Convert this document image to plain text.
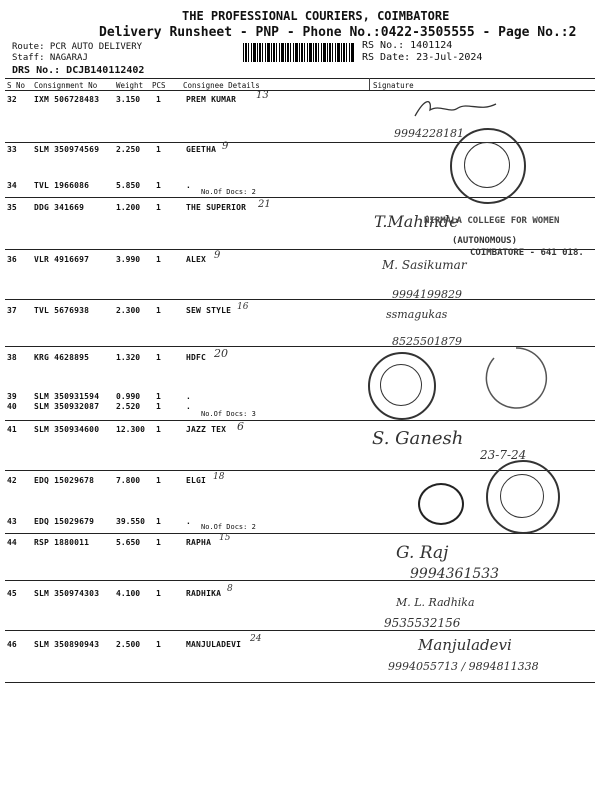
THE PROFESSIONAL COURIERS, COIMBATORE
Delivery Runsheet - PNP - Phone No.:0422-3505555 - Page No.:2
Route: PCR AUTO DELIVERY
Staff: NAGARAJ
DRS No.: DCJB140112402
RS No.: 1401124
RS Date: 23-Jul-2024
S No Consignment No	Weight PCS Consignee Details	Signature
32 IXM 506728483 3.150 1	PREM KUMAR 13
33 SLM 350974569 2.250 1	GEETHA 9
34 TVL 1966086	5.850 1	.
No.Of Docs: 2
35 DDG 341669	1.200 1	THE SUPERIOR 21
36 VLR 4916697	3.990 1	ALEX 9
37 TVL 5676938	2.300 1	SEW STYLE 16
38 KRG 4628895	1.320 1	HDFC 20
39 SLM 350931594 0.990 1	.
40 SLM 350932087 2.520 1	.
No.Of Docs: 3
41 SLM 350934600 12.300 1	JAZZ TEX 6
42 EDQ 15029678	7.800 1	ELGI 18
43 EDQ 15029679	39.550 1	.
No.Of Docs: 2
44 RSP 1880011	5.650 1	RAPHA 15
45 SLM 350974303 4.100 1	RADHIKA 8
46 SLM 350890943 2.500 1	MANJULADEVI
24
9994228181
T.Mahinde
NIRMALA COLLEGE FOR WOMEN
(AUTONOMOUS)
COIMBATORE - 641 018.
M. Sasikumar
9994199829
ssmagukas
8525501879
S. Ganesh
23-7-24
G. Raj
9994361533
M. L. Radhika
9535532156
Manjuladevi
9994055713 / 9894811338
